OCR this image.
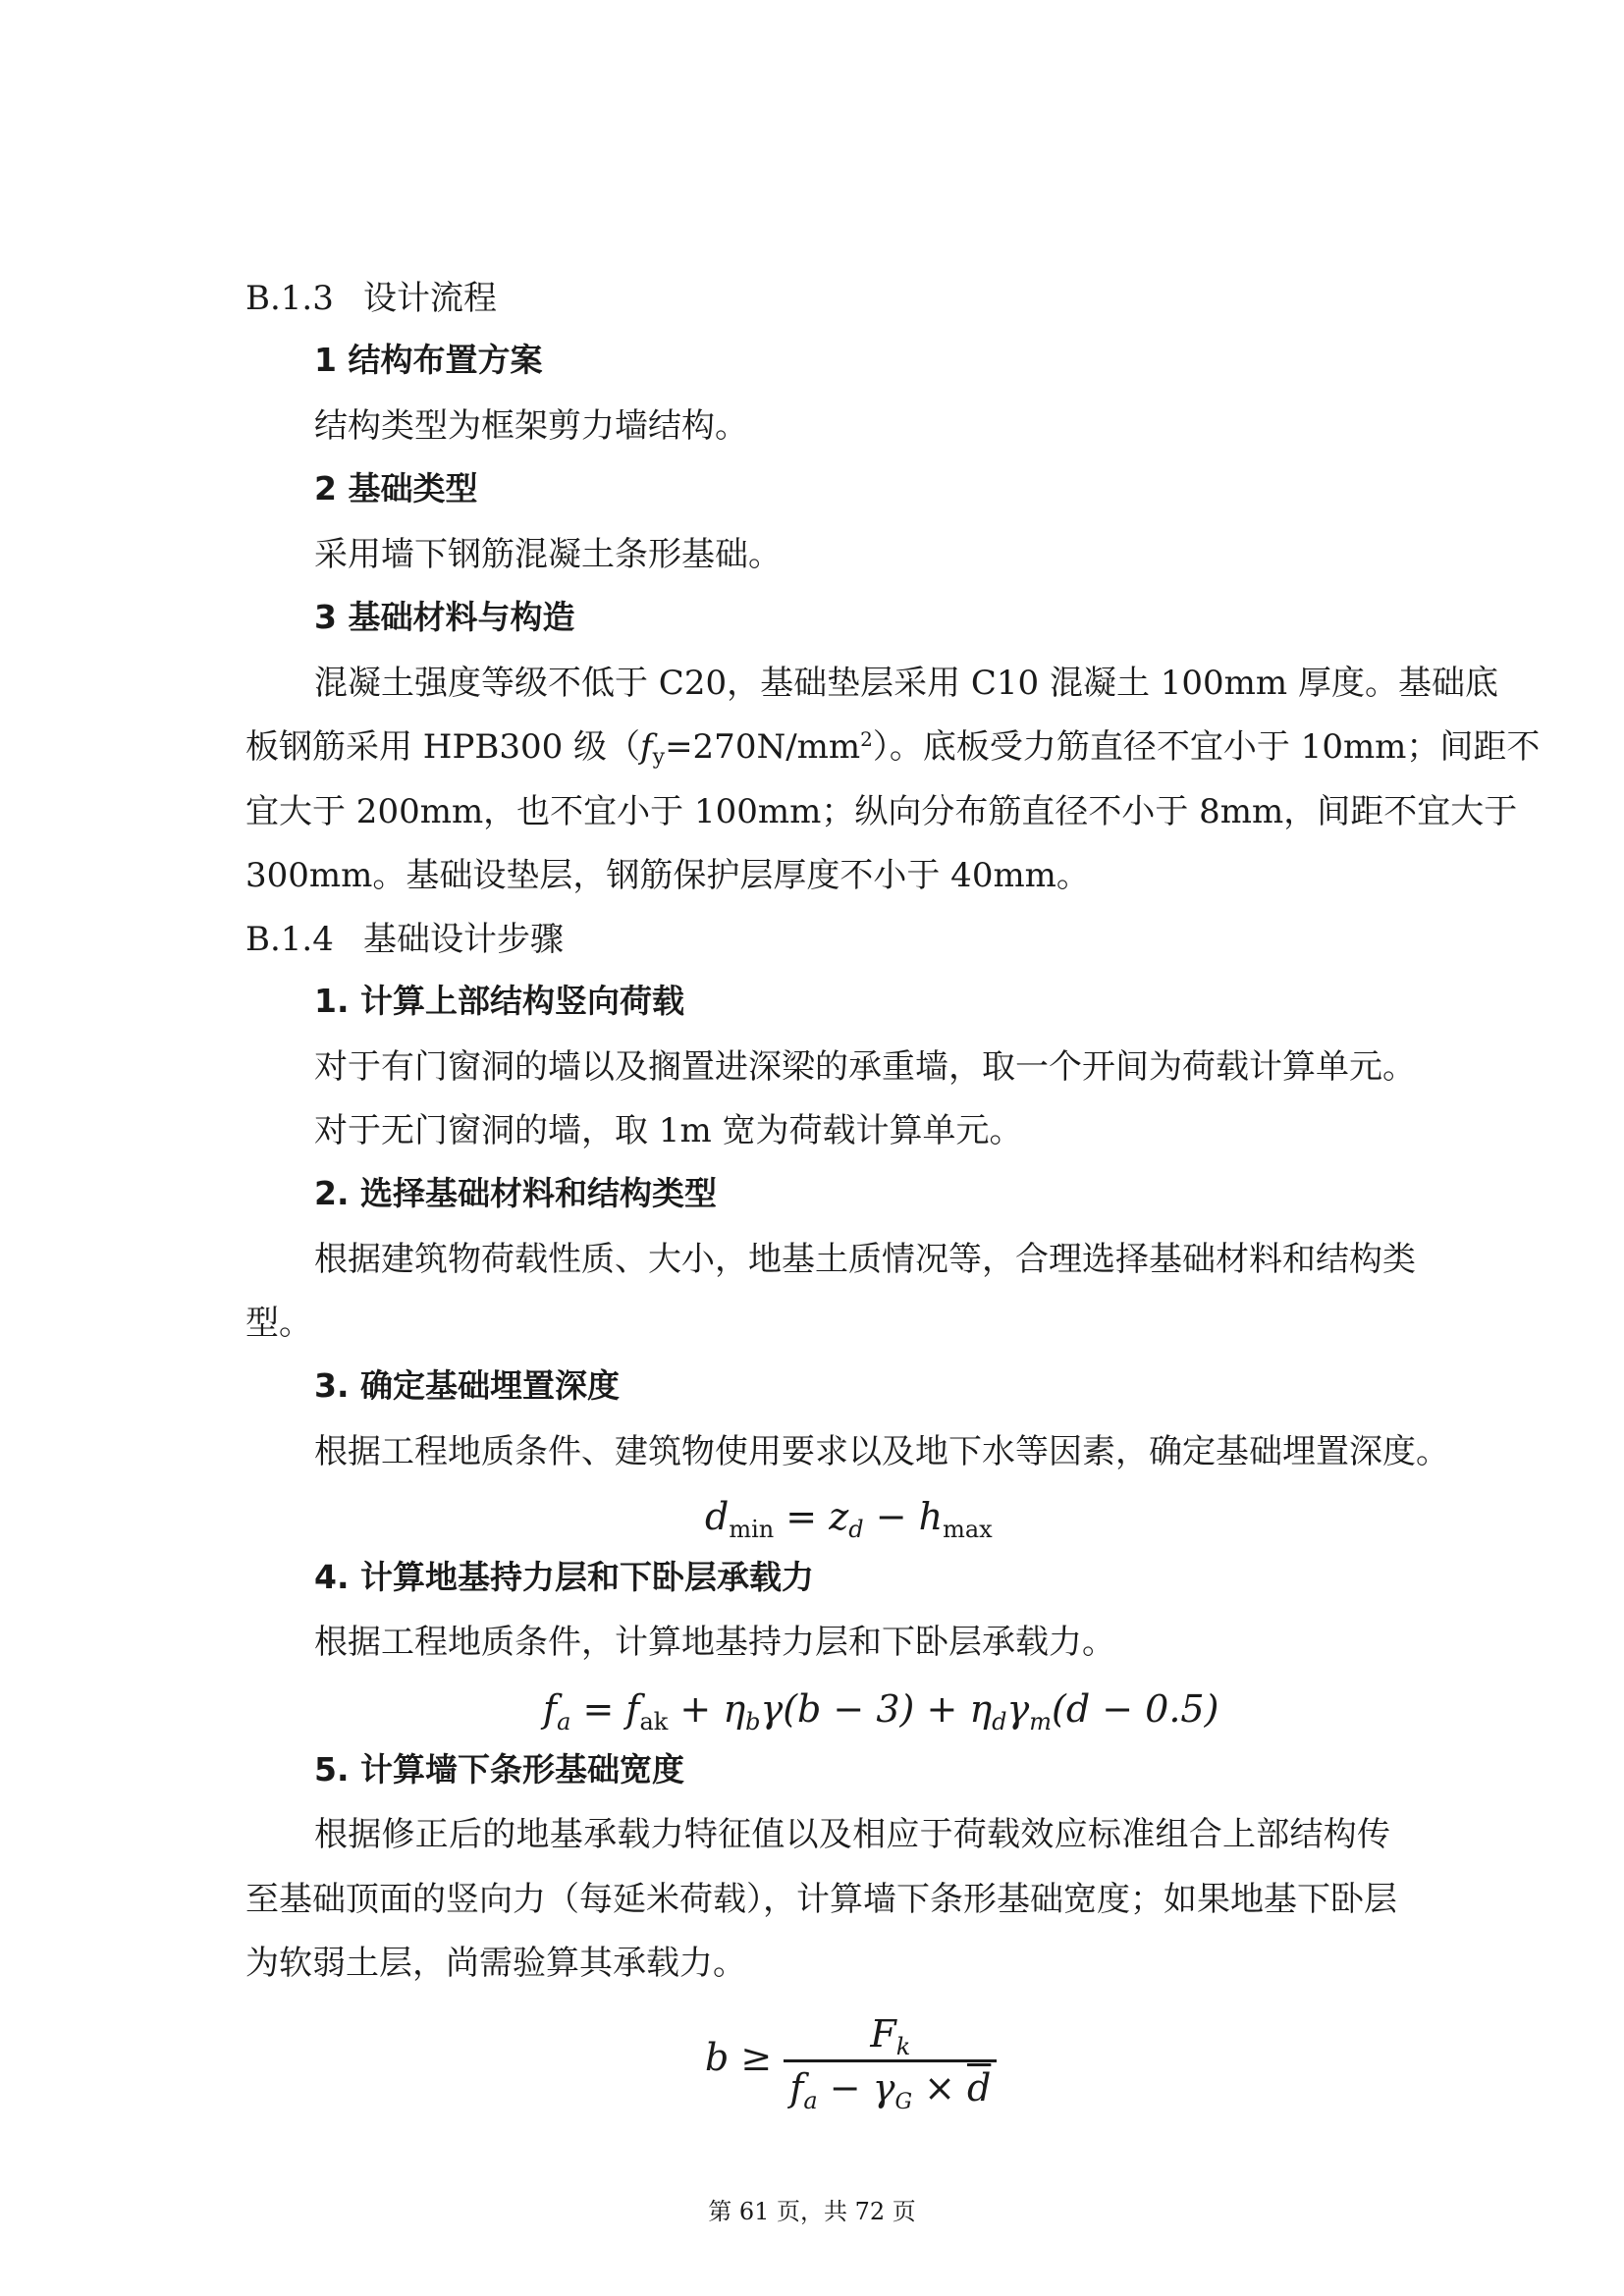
B.1.3 设计流程
1 结构布置方案
结构类型为框架剪力墙结构。
2 基础类型
采用墙下钢筋混凝土条形基础。
3 基础材料与构造
混凝土强度等级不低于 C20，基础垫层采用 C10 混凝土 100mm 厚度。基础底
板钢筋采用 HPB300 级$(f_y=270N/mm^2)$。底板受力筋直径不宜小于 10mm；间距不
宜大于 200mm，也不宜小于 100mm；纵向分布筋直径不小于 8mm，间距不宜大于
300mm。基础设垫层，钢筋保护层厚度不小于 40mm。
B.1.4 基础设计步骤
1. 计算上部结构竖向荷载
对于有门窗洞的墙以及搁置进深梁的承重墙，取一个开间为荷载计算单元。
对于无门窗洞的墙，取 1m 宽为荷载计算单元。
2. 选择基础材料和结构类型
根据建筑物荷载性质、大小，地基土质情况等，合理选择基础材料和结构类
型。
3. 确定基础埋置深度
根据工程地质条件、建筑物使用要求以及地下水等因素，确定基础埋置深度。
$d_{min} = z_d - h_{max}$
4. 计算地基持力层和下卧层承载力
根据工程地质条件，计算地基持力层和下卧层承载力。
$f_a = f_{ak} + \eta_b\gamma(b - 3) + \eta_d\gamma_m(d - 0.5)$
5. 计算墙下条形基础宽度
根据修正后的地基承载力特征值以及相应于荷载效应标准组合上部结构传
至基础顶面的竖向力（每延米荷载），计算墙下条形基础宽度；如果地基下卧层
为软弱土层，尚需验算其承载力。
$b \ge \frac{F_k}{f_a - \gamma_G \times \overline{d}}$
第 61 页，共 72 页
